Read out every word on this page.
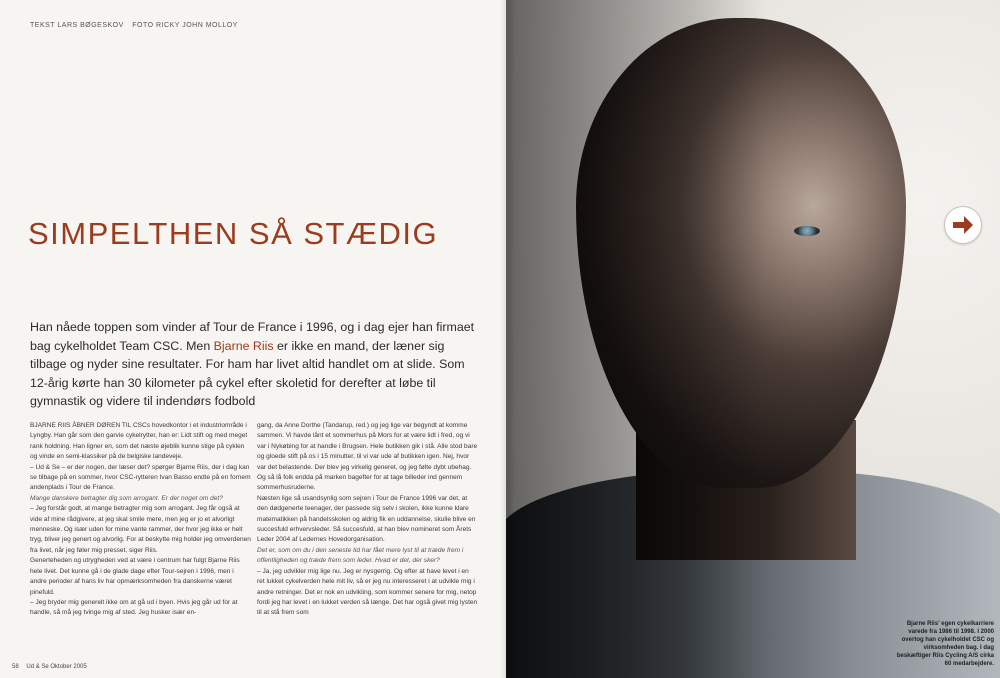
TEKST LARS BØGESKOV FOTO RICKY JOHN MOLLOY
SIMPELTHEN SÅ STÆDIG
Han nåede toppen som vinder af Tour de France i 1996, og i dag ejer han firmaet bag cykelholdet Team CSC. Men Bjarne Riis er ikke en mand, der læner sig tilbage og nyder sine resultater. For ham har livet altid handlet om at slide. Som 12-årig kørte han 30 kilometer på cykel efter skoletid for derefter at løbe til gymnastik og videre til indendørs fodbold

BJARNE RIIS ÅBNER DØREN TIL CSCs hovedkontor i et industriområde i Lyngby. Han går som den garvie cykelrytter, han er: Lidt stift og med meget rank holdning. Han ligner en, som det næste øjeblik kunne stige på cyklen og vinde en semi-klassiker på de belgiske landeveje.

– Ud & Se – er der nogen, der læser det? spørger Bjarne Riis, der i dag kan se tilbage på en sommer, hvor CSC-rytteren Ivan Basso endte på en fornem andenplads i Tour de France.

Mange danskere betragter dig som arrogant. Er der noget om det?

– Jeg forstår godt, at mange betragter mig som arrogant. Jeg får også at vide af mine rådgivere, at jeg skal smile mere, men jeg er jo et alvorligt menneske. Og især uden for mine vante rammer, der hvor jeg ikke er helt tryg, bliver jeg genert og alvorlig. For at beskytte mig holder jeg omverdenen fra livet, når jeg føler mig presset, siger Riis.

Generteheden og utrygheden ved at være i centrum har fulgt Bjarne Riis hele livet. Det kunne gå i de glade dage efter Tour-sejren i 1996, men i andre perioder af hans liv har opmærksomheden fra danskerne været pinefuld.

– Jeg bryder mig generelt ikke om at gå ud i byen. Hvis jeg går ud for at handle, så må jeg tvinge mig af sted. Jeg husker især en-

gang, da Anne Dorthe (Tandarup, red.) og jeg lige var begyndt at komme sammen. Vi havde lånt et sommerhus på Mors for at være lidt i fred, og vi var i Nykøbing for at handle i Brugsen. Hele butikken gik i stå. Alle stod bare og gloede stift på os i 15 minutter, til vi var ude af butikken igen. Nej, hvor var det belastende. Der blev jeg virkelig generet, og jeg følte dybt ubehag. Og så lå folk endda på marken bagefter for at tage billeder ind gennem sommerhusruderne.

Næsten lige så usandsynlig som sejren i Tour de France 1996 var det, at den dødgenerte teenager, der passede sig selv i skolen, ikke kunne klare matematikken på handelsskolen og aldrig fik en uddannelse, skulle blive en succesfuld erhvervsleder. Så succesfuld, at han blev nomineret som Årets Leder 2004 af Ledernes Hovedorganisation.

Det er, som om du i den seneste tid har fået mere lyst til at træde frem i offentligheden og træde frem som leder. Hvad er det, der sker?

– Ja, jeg udvikler mig lige nu. Jeg er nysgerrig. Og efter at have levet i en ret lukket cykelverden hele mit liv, så er jeg nu interesseret i at udvikle mig i andre retninger. Det er nok en udvikling, som kommer senere for mig, netop fordi jeg har levet i en lukket verden så længe. Det har også givet mig lysten til at stå frem som

58 Ud & Se Oktober 2005
Bjarne Riis' egen cykelkarriere varede fra 1986 til 1998. I 2000 overtog han cykelholdet CSC og virksomheden bag. I dag beskæftiger Riis Cycling A/S cirka 60 medarbejdere.
